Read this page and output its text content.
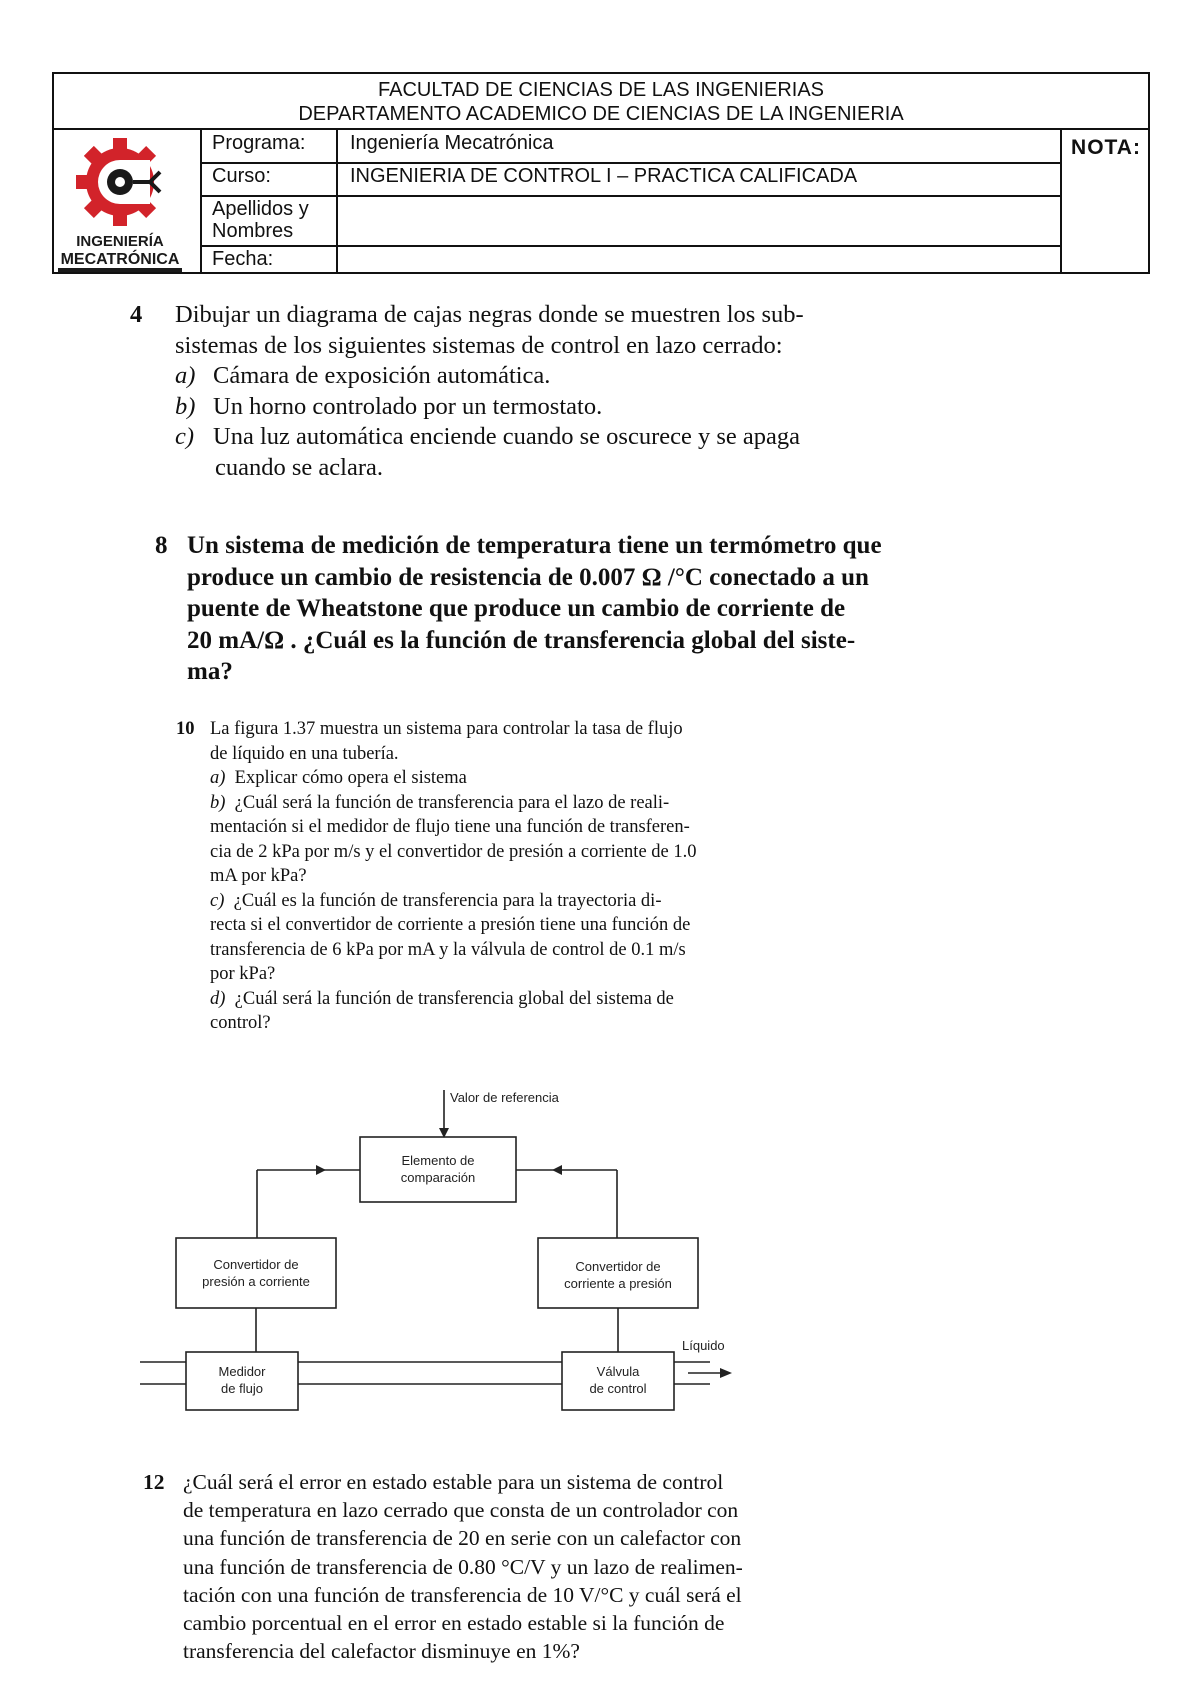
FACULTAD DE CIENCIAS DE LAS INGENIERIAS
DEPARTAMENTO ACADEMICO DE CIENCIAS DE LA INGENIERIA
INGENIERÍA
MECATRÓNICA
Programa:
Curso:
Apellidos y
Nombres
Fecha:
Ingeniería Mecatrónica
INGENIERIA DE CONTROL I – PRACTICA CALIFICADA
NOTA:
4 Dibujar un diagrama de cajas negras donde se muestren los sub-
sistemas de los siguientes sistemas de control en lazo cerrado:
a) Cámara de exposición automática.
b) Un horno controlado por un termostato.
c) Una luz automática enciende cuando se oscurece y se apaga
cuando se aclara.
8 Un sistema de medición de temperatura tiene un termómetro que
produce un cambio de resistencia de 0.007 Ω /°C conectado a un
puente de Wheatstone que produce un cambio de corriente de
20 mA/Ω . ¿Cuál es la función de transferencia global del siste-
ma?
10 La figura 1.37 muestra un sistema para controlar la tasa de flujo
de líquido en una tubería.
a) Explicar cómo opera el sistema
b) ¿Cuál será la función de transferencia para el lazo de reali-
mentación si el medidor de flujo tiene una función de transferen-
cia de 2 kPa por m/s y el convertidor de presión a corriente de 1.0
mA por kPa?
c) ¿Cuál es la función de transferencia para la trayectoria di-
recta si el convertidor de corriente a presión tiene una función de
transferencia de 6 kPa por mA y la válvula de control de 0.1 m/s
por kPa?
d) ¿Cuál será la función de transferencia global del sistema de
control?
Valor de referencia
Elemento de
comparación
Convertidor de
presión a corriente
Convertidor de
corriente a presión
Medidor
de flujo
Válvula
de control
Líquido
12 ¿Cuál será el error en estado estable para un sistema de control
de temperatura en lazo cerrado que consta de un controlador con
una función de transferencia de 20 en serie con un calefactor con
una función de transferencia de 0.80 °C/V y un lazo de realimen-
tación con una función de transferencia de 10 V/°C y cuál será el
cambio porcentual en el error en estado estable si la función de
transferencia del calefactor disminuye en 1%?
